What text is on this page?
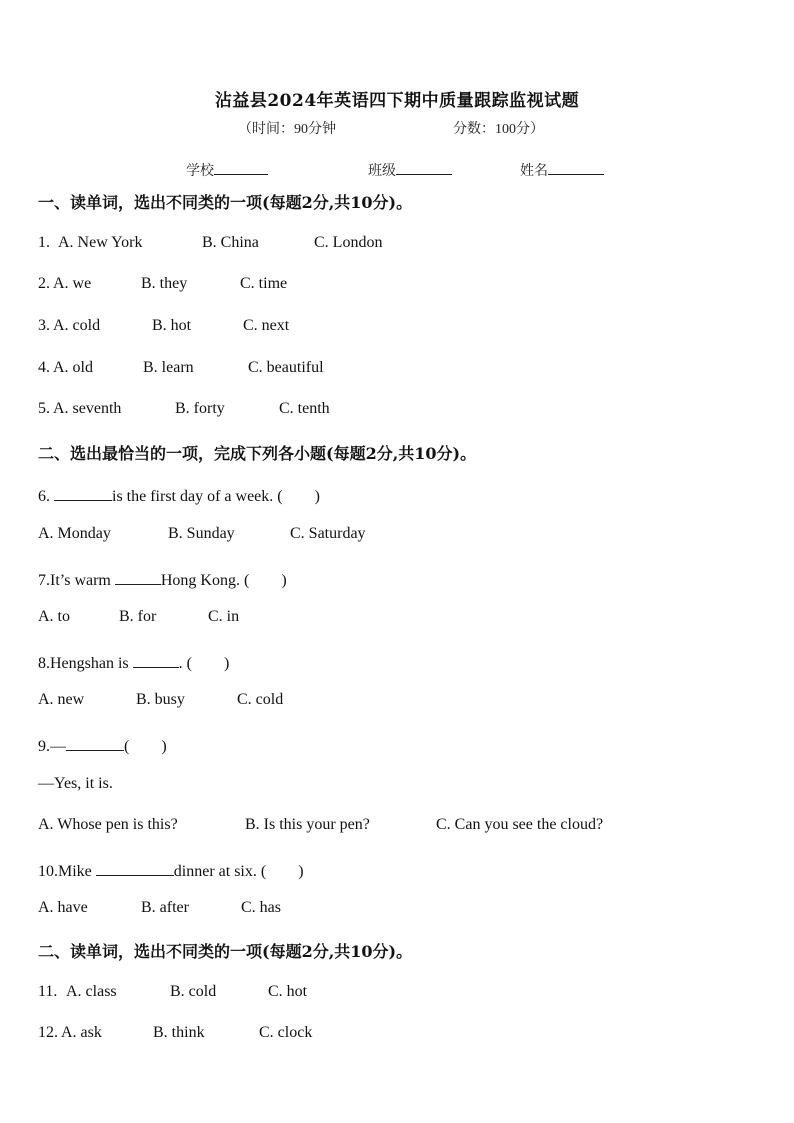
沾益县2024年英语四下期中质量跟踪监视试题
（时间：90分钟	分数：100分）
学校	班级	姓名
一、读单词，选出不同类的一项(每题2分,共10分)。
1. A. New York	B. China	C. London
2. A. we	B. they	C. time
3. A. cold	B. hot	C. next
4. A. old	B. learn	C. beautiful
5. A. seventh	B. forty	C. tenth
二、选出最恰当的一项，完成下列各小题(每题2分,共10分)。
6.	is the first day of a week. (　　)
A. Monday	B. Sunday	C. Saturday
7.It’s warm	Hong Kong. (　　)
A. to	B. for	C. in
8.Hengshan is	. (　　)
A. new	B. busy	C. cold
9.—	(　　)
—Yes, it is.
A. Whose pen is this?	B. Is this your pen?	C. Can you see the cloud?
10.Mike	dinner at six. (　　)
A. have	B. after	C. has
二、读单词，选出不同类的一项(每题2分,共10分)。
11. A. class	B. cold	C. hot
12. A. ask	B. think	C. clock
